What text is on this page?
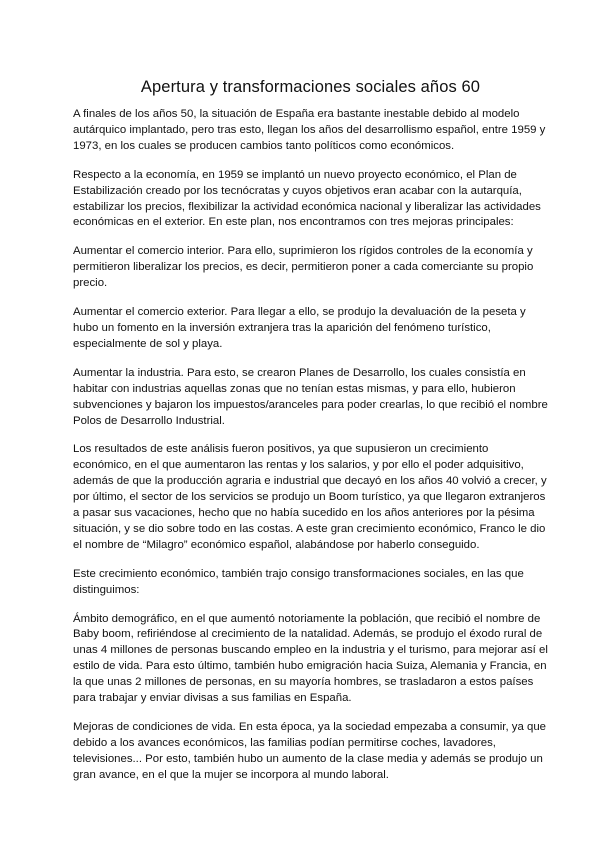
Apertura y transformaciones sociales años 60

A finales de los años 50, la situación de España era bastante inestable debido al modelo autárquico implantado, pero tras esto, llegan los años del desarrollismo español, entre 1959 y 1973, en los cuales se producen cambios tanto políticos como económicos.

Respecto a la economía, en 1959 se implantó un nuevo proyecto económico, el Plan de Estabilización creado por los tecnócratas y cuyos objetivos eran acabar con la autarquía, estabilizar los precios, flexibilizar la actividad económica nacional y liberalizar las actividades económicas en el exterior. En este plan, nos encontramos con tres mejoras principales:

Aumentar el comercio interior. Para ello, suprimieron los rígidos controles de la economía y permitieron liberalizar los precios, es decir, permitieron poner a cada comerciante su propio precio.

Aumentar el comercio exterior. Para llegar a ello, se produjo la devaluación de la peseta y hubo un fomento en la inversión extranjera tras la aparición del fenómeno turístico, especialmente de sol y playa.

Aumentar la industria. Para esto, se crearon Planes de Desarrollo, los cuales consistía en habitar con industrias aquellas zonas que no tenían estas mismas, y para ello, hubieron subvenciones y bajaron los impuestos/aranceles para poder crearlas, lo que recibió el nombre Polos de Desarrollo Industrial.

Los resultados de este análisis fueron positivos, ya que supusieron un crecimiento económico, en el que aumentaron las rentas y los salarios, y por ello el poder adquisitivo, además de que la producción agraria e industrial que decayó en los años 40 volvió a crecer, y por último, el sector de los servicios se produjo un Boom turístico, ya que llegaron extranjeros a pasar sus vacaciones, hecho que no había sucedido en los años anteriores por la pésima situación, y se dio sobre todo en las costas. A este gran crecimiento económico, Franco le dio el nombre de “Milagro” económico español, alabándose por haberlo conseguido.

Este crecimiento económico, también trajo consigo transformaciones sociales, en las que distinguimos:

Ámbito demográfico, en el que aumentó notoriamente la población, que recibió el nombre de Baby boom, refiriéndose al crecimiento de la natalidad. Además, se produjo el éxodo rural de unas 4 millones de personas buscando empleo en la industria y el turismo, para mejorar así el estilo de vida. Para esto último, también hubo emigración hacia Suiza, Alemania y Francia, en la que unas 2 millones de personas, en su mayoría hombres, se trasladaron a estos países para trabajar y enviar divisas a sus familias en España.

Mejoras de condiciones de vida. En esta época, ya la sociedad empezaba a consumir, ya que debido a los avances económicos, las familias podían permitirse coches, lavadores, televisiones... Por esto, también hubo un aumento de la clase media y además se produjo un gran avance, en el que la mujer se incorpora al mundo laboral.
